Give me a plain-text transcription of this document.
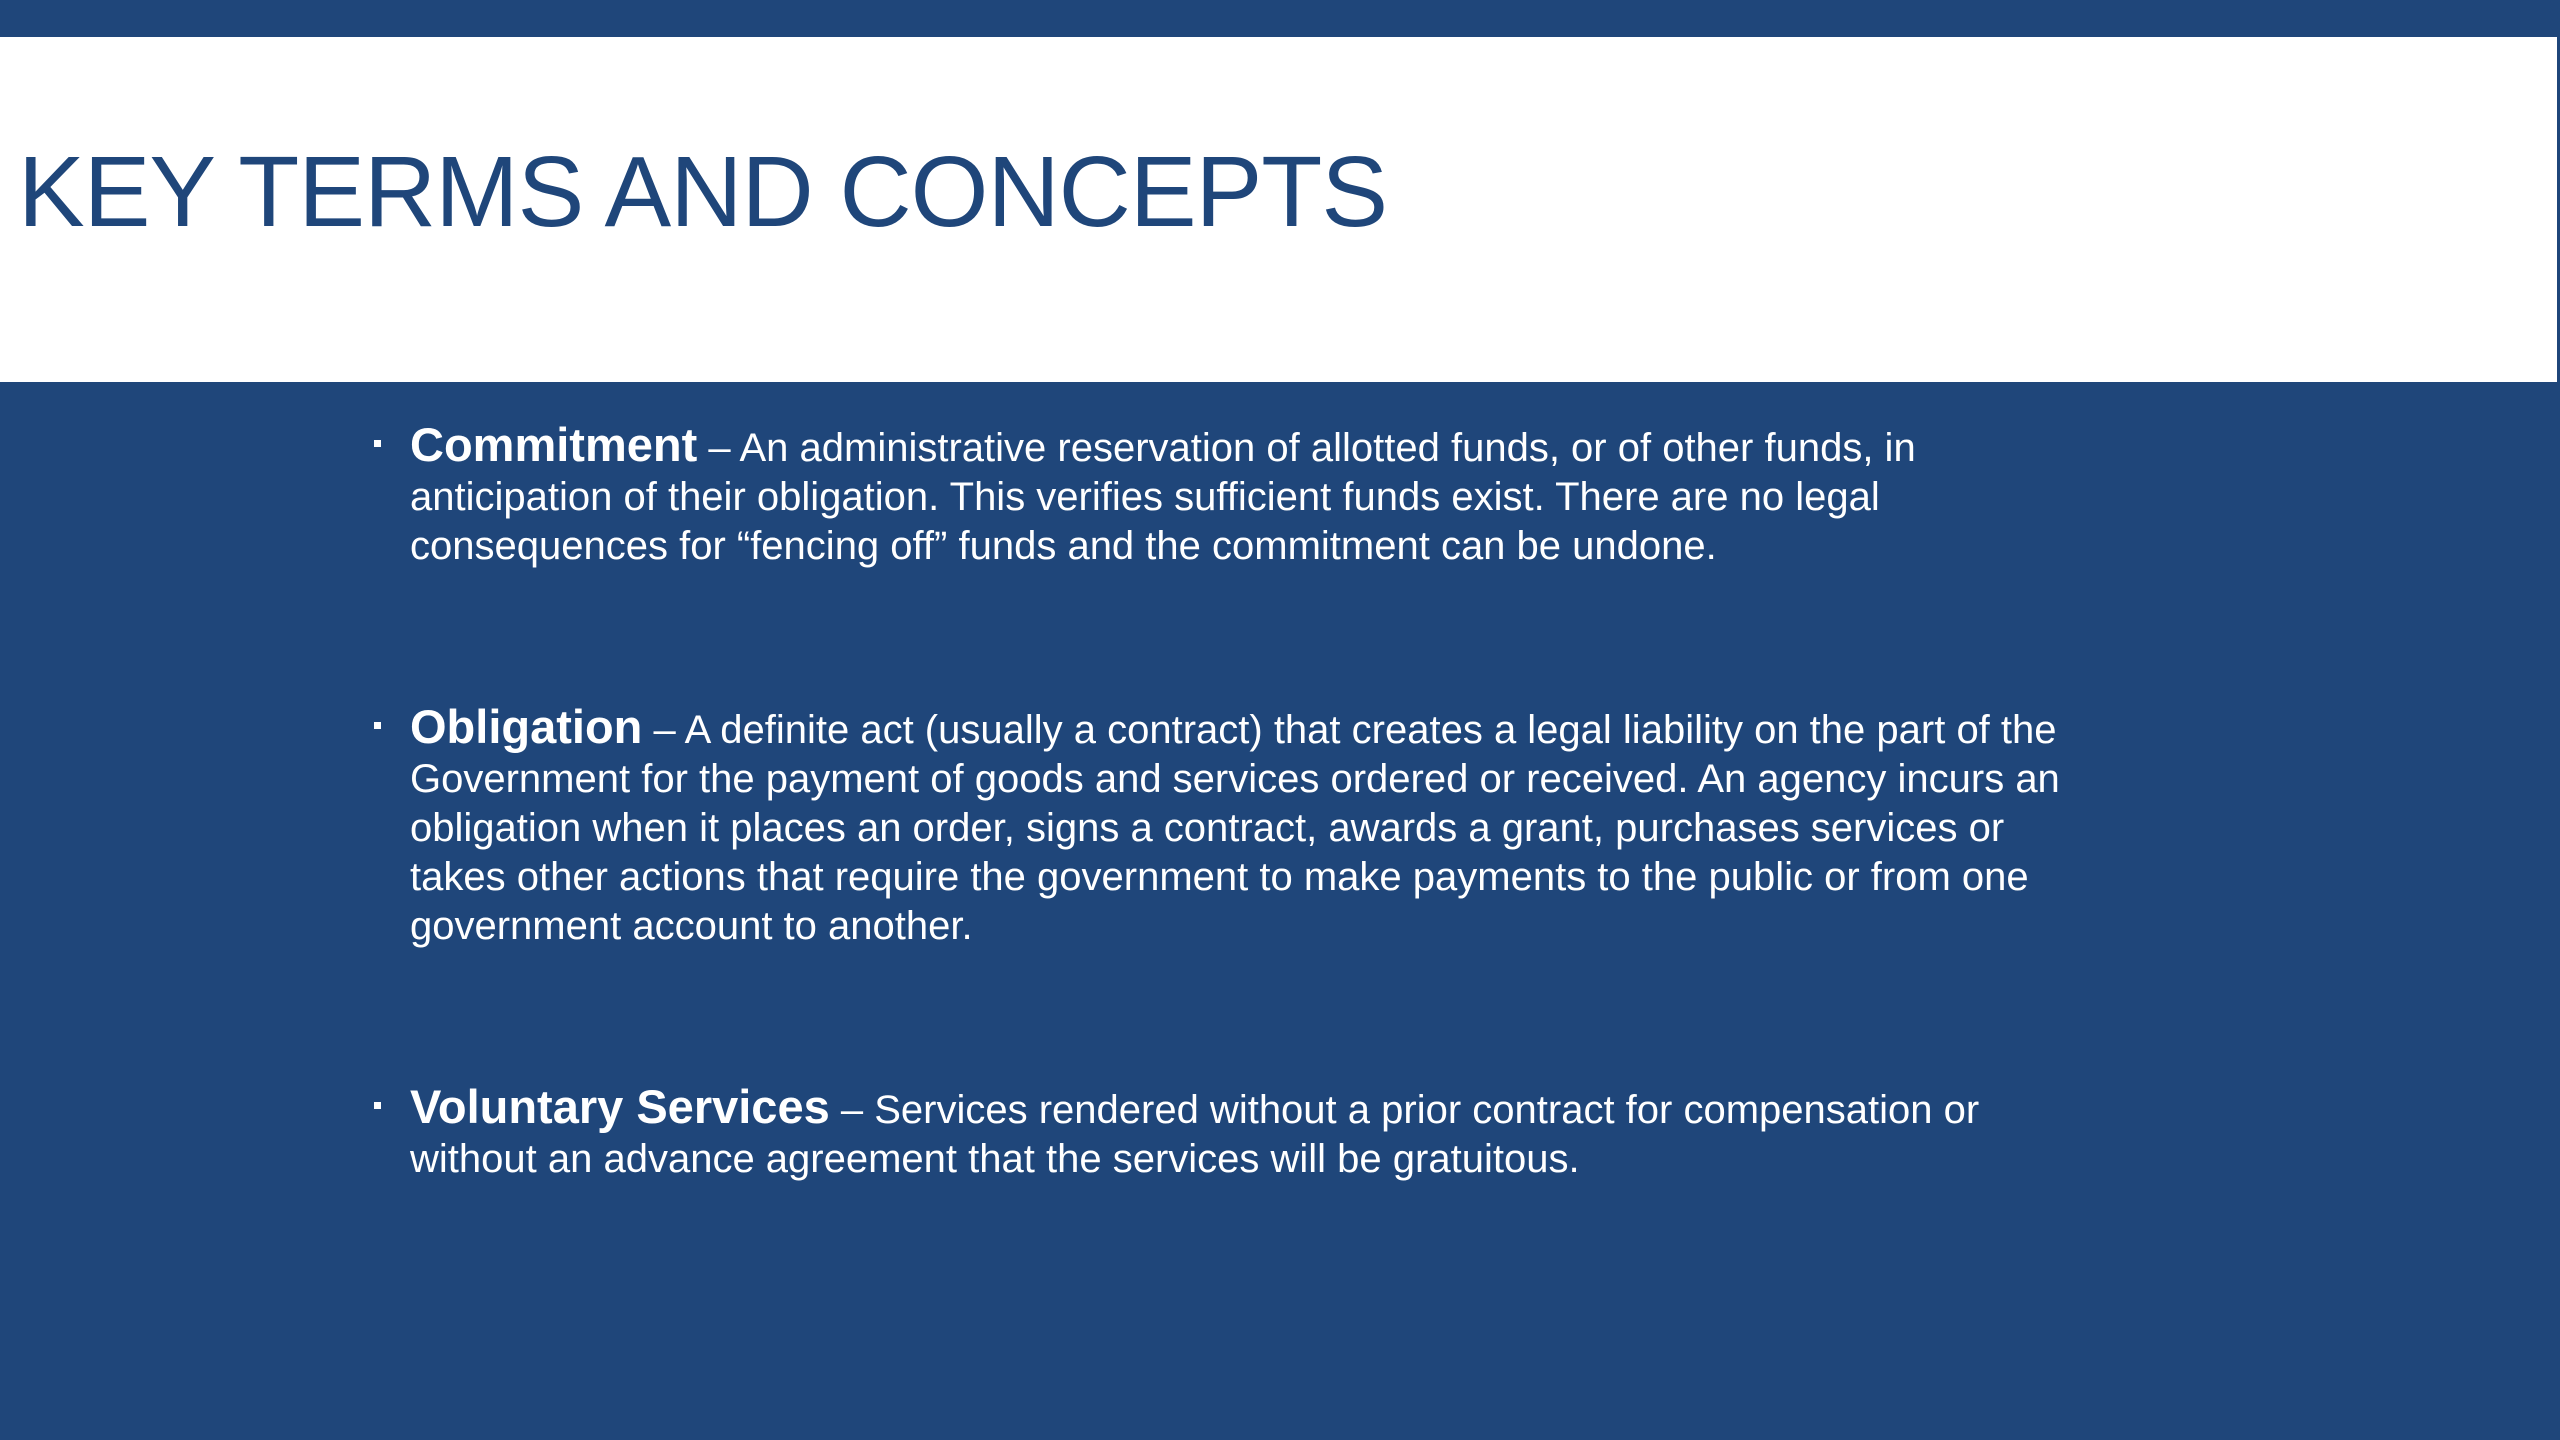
KEY TERMS AND CONCEPTS
Commitment – An administrative reservation of allotted funds, or of other funds, in anticipation of their obligation. This verifies sufficient funds exist. There are no legal consequences for “fencing off” funds and the commitment can be undone.
Obligation – A definite act (usually a contract) that creates a legal liability on the part of the Government for the payment of goods and services ordered or received. An agency incurs an obligation when it places an order, signs a contract, awards a grant, purchases services or takes other actions that require the government to make payments to the public or from one government account to another.
Voluntary Services – Services rendered without a prior contract for compensation or without an advance agreement that the services will be gratuitous.
